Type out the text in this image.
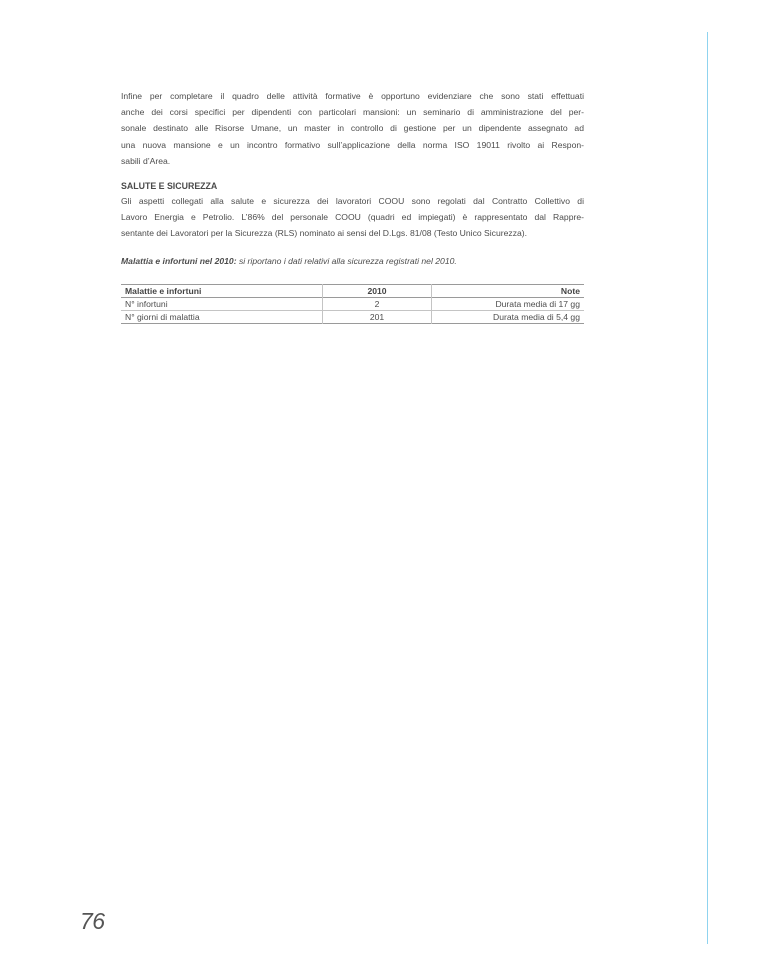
Infine per completare il quadro delle attività formative è opportuno evidenziare che sono stati effettuati
anche dei corsi specifici per dipendenti con particolari mansioni: un seminario di amministrazione del per-
sonale destinato alle Risorse Umane, un master in controllo di gestione per un dipendente assegnato ad
una nuova mansione e un incontro formativo sull’applicazione della norma ISO 19011 rivolto ai Respon-
sabili d’Area.

SALUTE E SICUREZZA

Gli aspetti collegati alla salute e sicurezza dei lavoratori COOU sono regolati dal Contratto Collettivo di
Lavoro Energia e Petrolio. L’86% del personale COOU (quadri ed impiegati) è rappresentato dal Rappre-
sentante dei Lavoratori per la Sicurezza (RLS) nominato ai sensi del D.Lgs. 81/08 (Testo Unico Sicurezza).

Malattia e infortuni nel 2010: si riportano i dati relativi alla sicurezza registrati nel 2010.

Malattie e infortuni	2010	Note
N° infortuni	2	Durata media di 17 gg
N° giorni di malattia	201	Durata media di 5,4 gg
76
